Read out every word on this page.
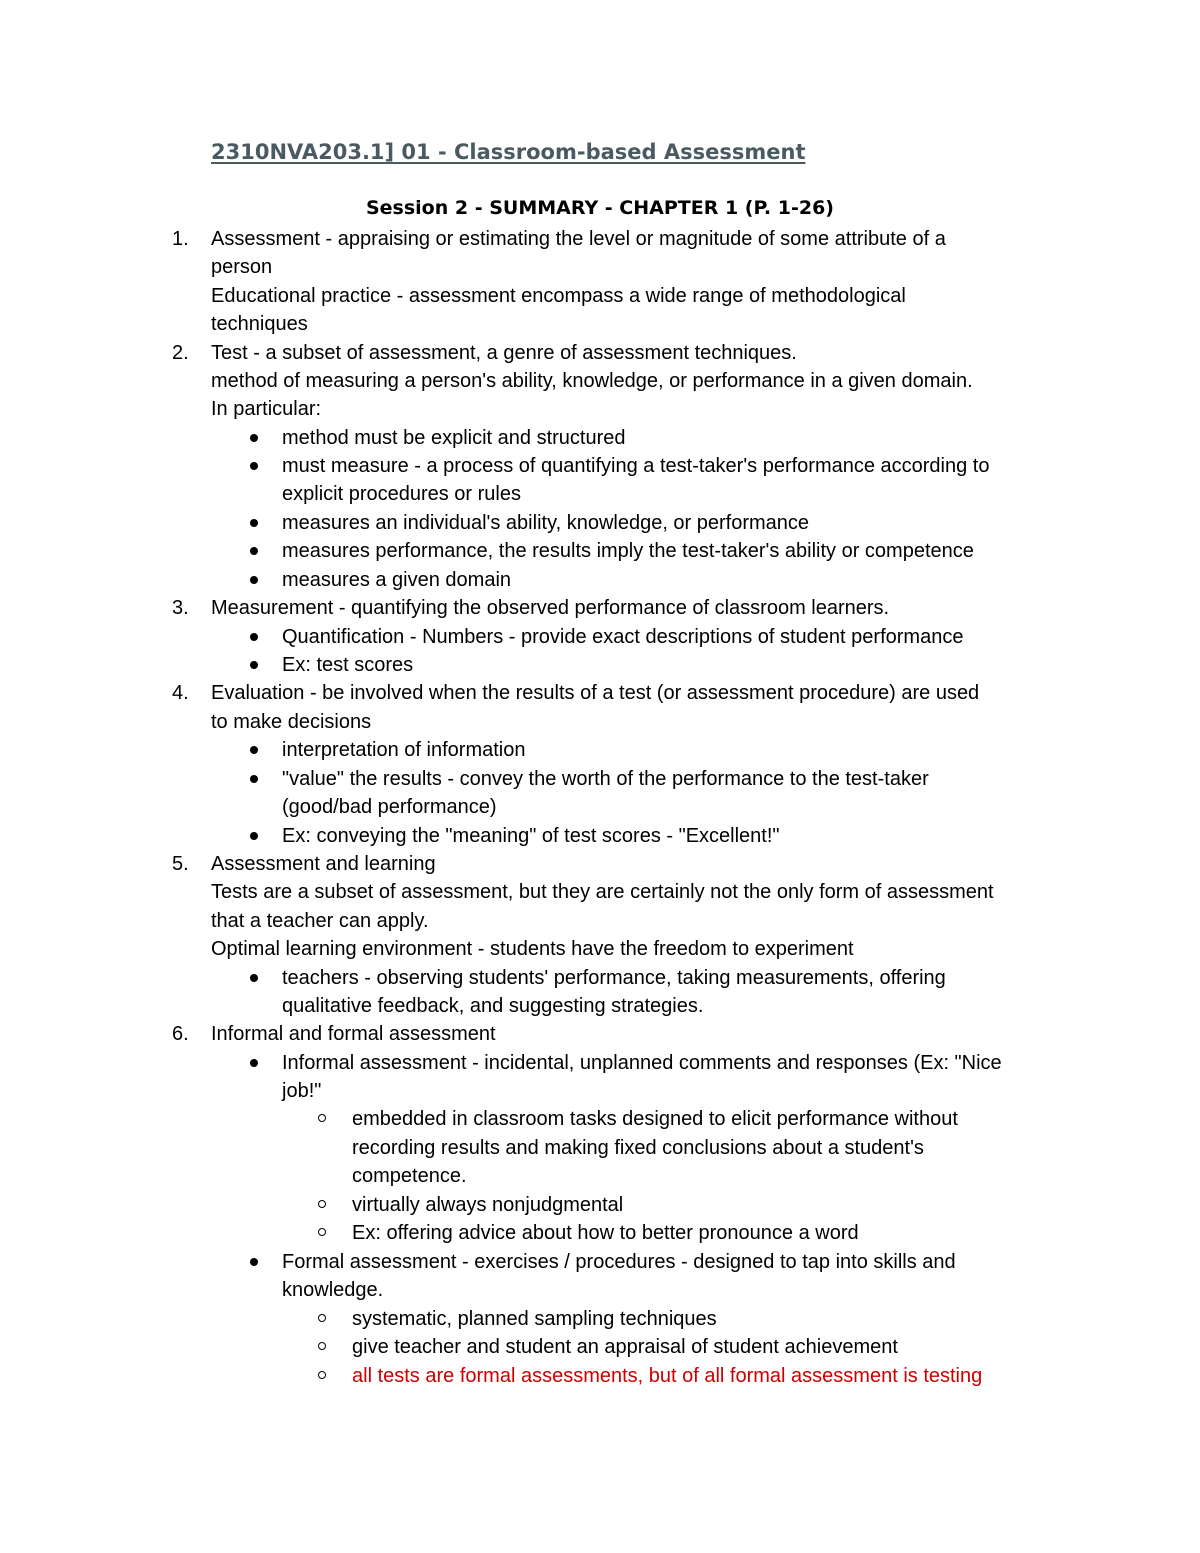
2310NVA203.1] 01 - Classroom-based Assessment
Session 2 - SUMMARY - CHAPTER 1 (P. 1-26)
1. Assessment - appraising or estimating the level or magnitude of some attribute of a
person
Educational practice - assessment encompass a wide range of methodological
techniques
2. Test - a subset of assessment, a genre of assessment techniques.
method of measuring a person's ability, knowledge, or performance in a given domain.
In particular:
method must be explicit and structured
must measure - a process of quantifying a test-taker's performance according to
explicit procedures or rules
measures an individual's ability, knowledge, or performance
measures performance, the results imply the test-taker's ability or competence
measures a given domain
3. Measurement - quantifying the observed performance of classroom learners.
Quantification - Numbers - provide exact descriptions of student performance
Ex: test scores
4. Evaluation - be involved when the results of a test (or assessment procedure) are used
to make decisions
interpretation of information
"value" the results - convey the worth of the performance to the test-taker
(good/bad performance)
Ex: conveying the "meaning" of test scores - "Excellent!"
5. Assessment and learning
Tests are a subset of assessment, but they are certainly not the only form of assessment
that a teacher can apply.
Optimal learning environment - students have the freedom to experiment
teachers - observing students' performance, taking measurements, offering
qualitative feedback, and suggesting strategies.
6. Informal and formal assessment
Informal assessment - incidental, unplanned comments and responses (Ex: "Nice
job!"
embedded in classroom tasks designed to elicit performance without
recording results and making fixed conclusions about a student's
competence.
virtually always nonjudgmental
Ex: offering advice about how to better pronounce a word
Formal assessment - exercises / procedures - designed to tap into skills and
knowledge.
systematic, planned sampling techniques
give teacher and student an appraisal of student achievement
all tests are formal assessments, but of all formal assessment is testing
